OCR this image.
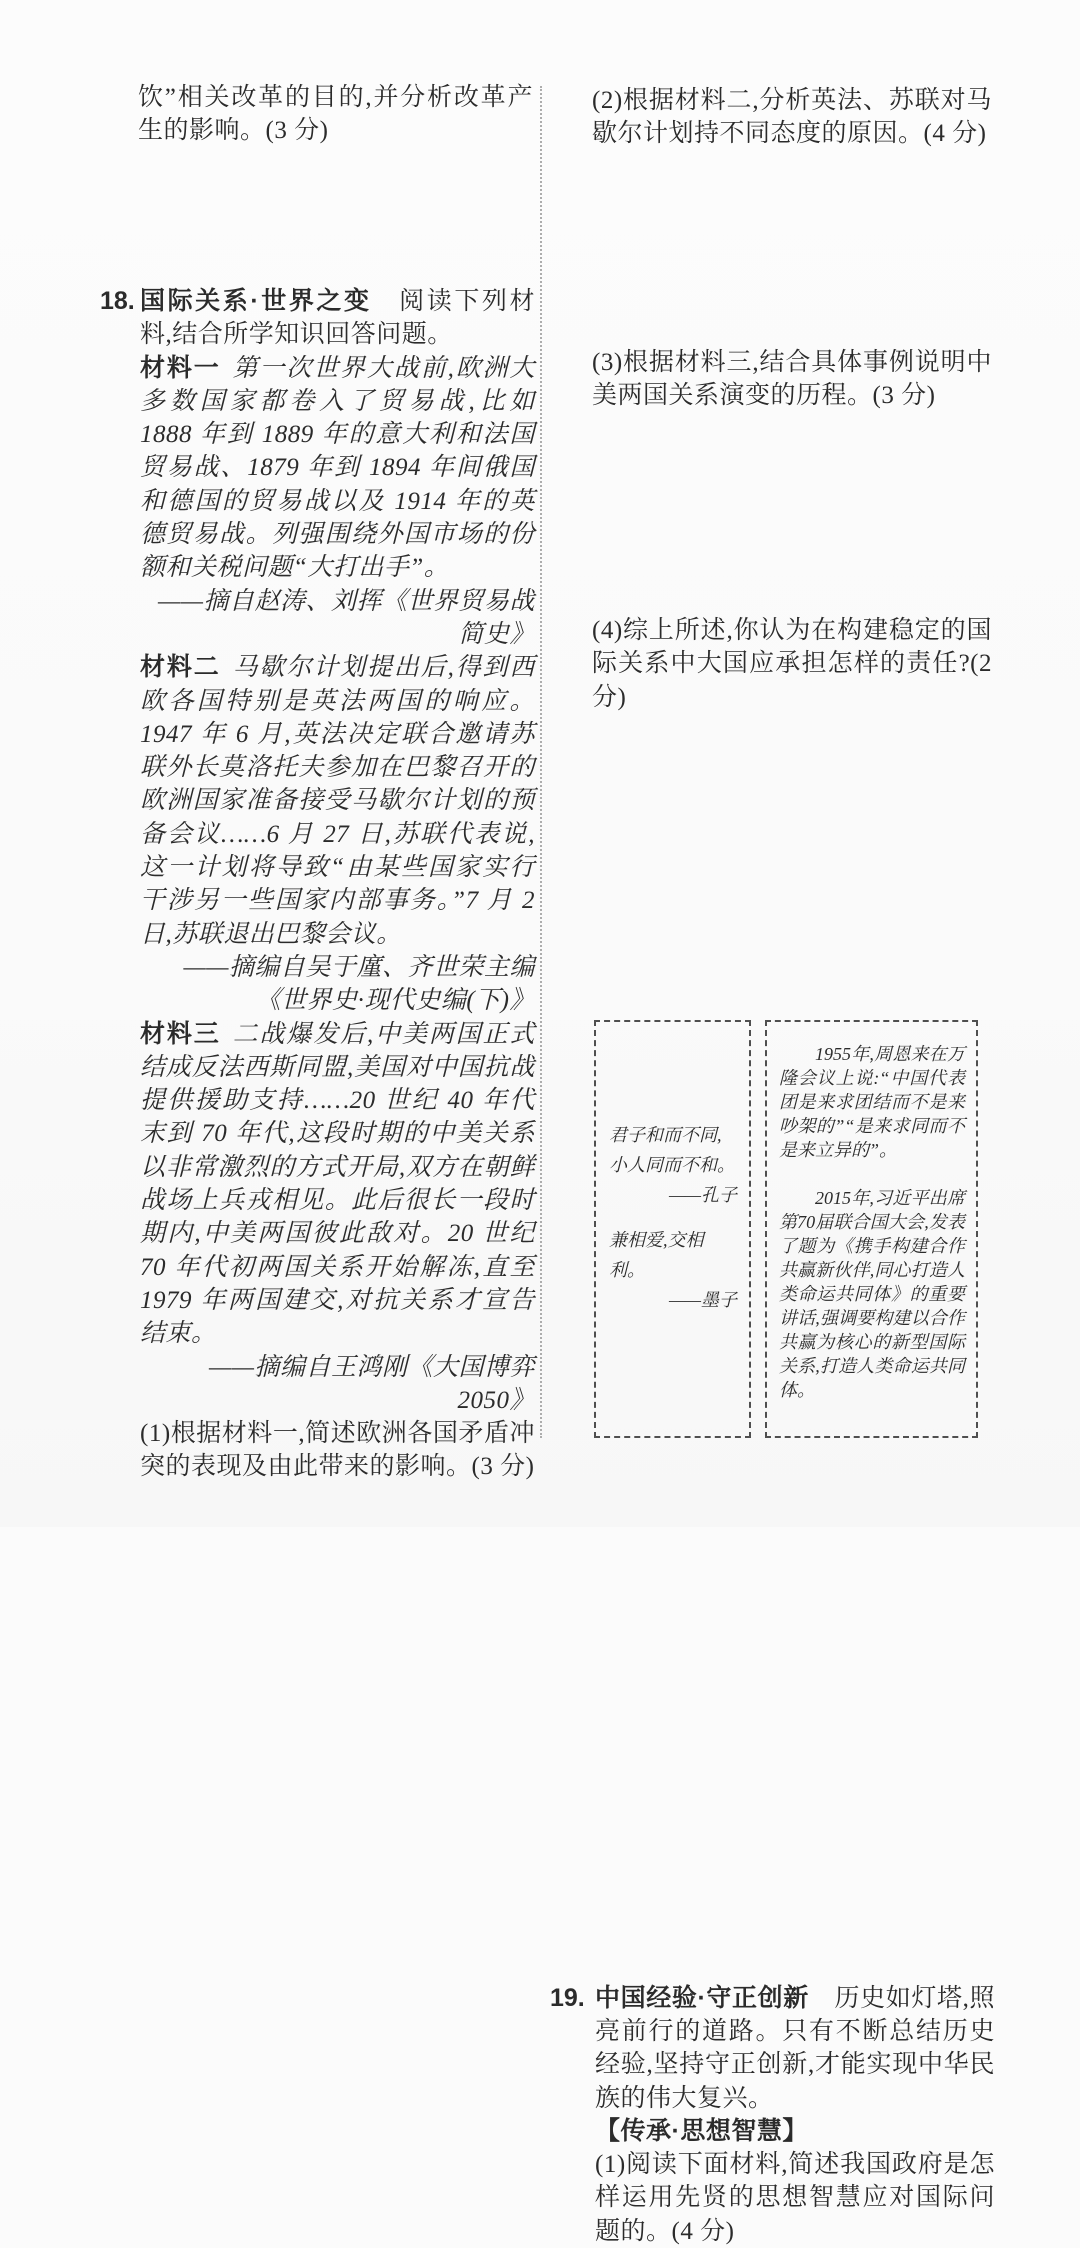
饮”相关改革的目的,并分析改革产生的影响。(3 分)

18. 国际关系·世界之变　 阅读下列材料,结合所学知识回答问题。

材料一 第一次世界大战前,欧洲大多数国家都卷入了贸易战,比如 1888 年到 1889 年的意大利和法国贸易战、1879 年到 1894 年间俄国和德国的贸易战以及 1914 年的英德贸易战。列强围绕外国市场的份额和关税问题“大打出手”。

——摘自赵涛、刘挥《世界贸易战简史》

材料二 马歇尔计划提出后,得到西欧各国特别是英法两国的响应。1947 年 6 月,英法决定联合邀请苏联外长莫洛托夫参加在巴黎召开的欧洲国家准备接受马歇尔计划的预备会议……6 月 27 日,苏联代表说,这一计划将导致“由某些国家实行干涉另一些国家内部事务。”7 月 2 日,苏联退出巴黎会议。

——摘编自吴于廑、齐世荣主编

《世界史·现代史编(下)》

材料三 二战爆发后,中美两国正式结成反法西斯同盟,美国对中国抗战提供援助支持……20 世纪 40 年代末到 70 年代,这段时期的中美关系以非常激烈的方式开局,双方在朝鲜战场上兵戎相见。此后很长一段时期内,中美两国彼此敌对。20 世纪 70 年代初两国关系开始解冻,直至 1979 年两国建交,对抗关系才宣告结束。

——摘编自王鸿刚《大国博弈 2050》

(1)根据材料一,简述欧洲各国矛盾冲突的表现及由此带来的影响。(3 分)

(2)根据材料二,分析英法、苏联对马歇尔计划持不同态度的原因。(4 分)

(3)根据材料三,结合具体事例说明中美两国关系演变的历程。(3 分)

(4)综上所述,你认为在构建稳定的国际关系中大国应承担怎样的责任?(2 分)

19. 中国经验·守正创新　 历史如灯塔,照亮前行的道路。只有不断总结历史经验,坚持守正创新,才能实现中华民族的伟大复兴。

【传承·思想智慧】

(1)阅读下面材料,简述我国政府是怎样运用先贤的思想智慧应对国际问题的。(4 分)

君子和而不同,
小人同而不和。
——孔子
兼相爱,交相利。
——墨子

1955年,周恩来在万隆会议上说:“中国代表团是来求团结而不是来吵架的”“是来求同而不是来立异的”。

2015年,习近平出席第70届联合国大会,发表了题为《携手构建合作共赢新伙伴,同心打造人类命运共同体》的重要讲话,强调要构建以合作共赢为核心的新型国际关系,打造人类命运共同体。
